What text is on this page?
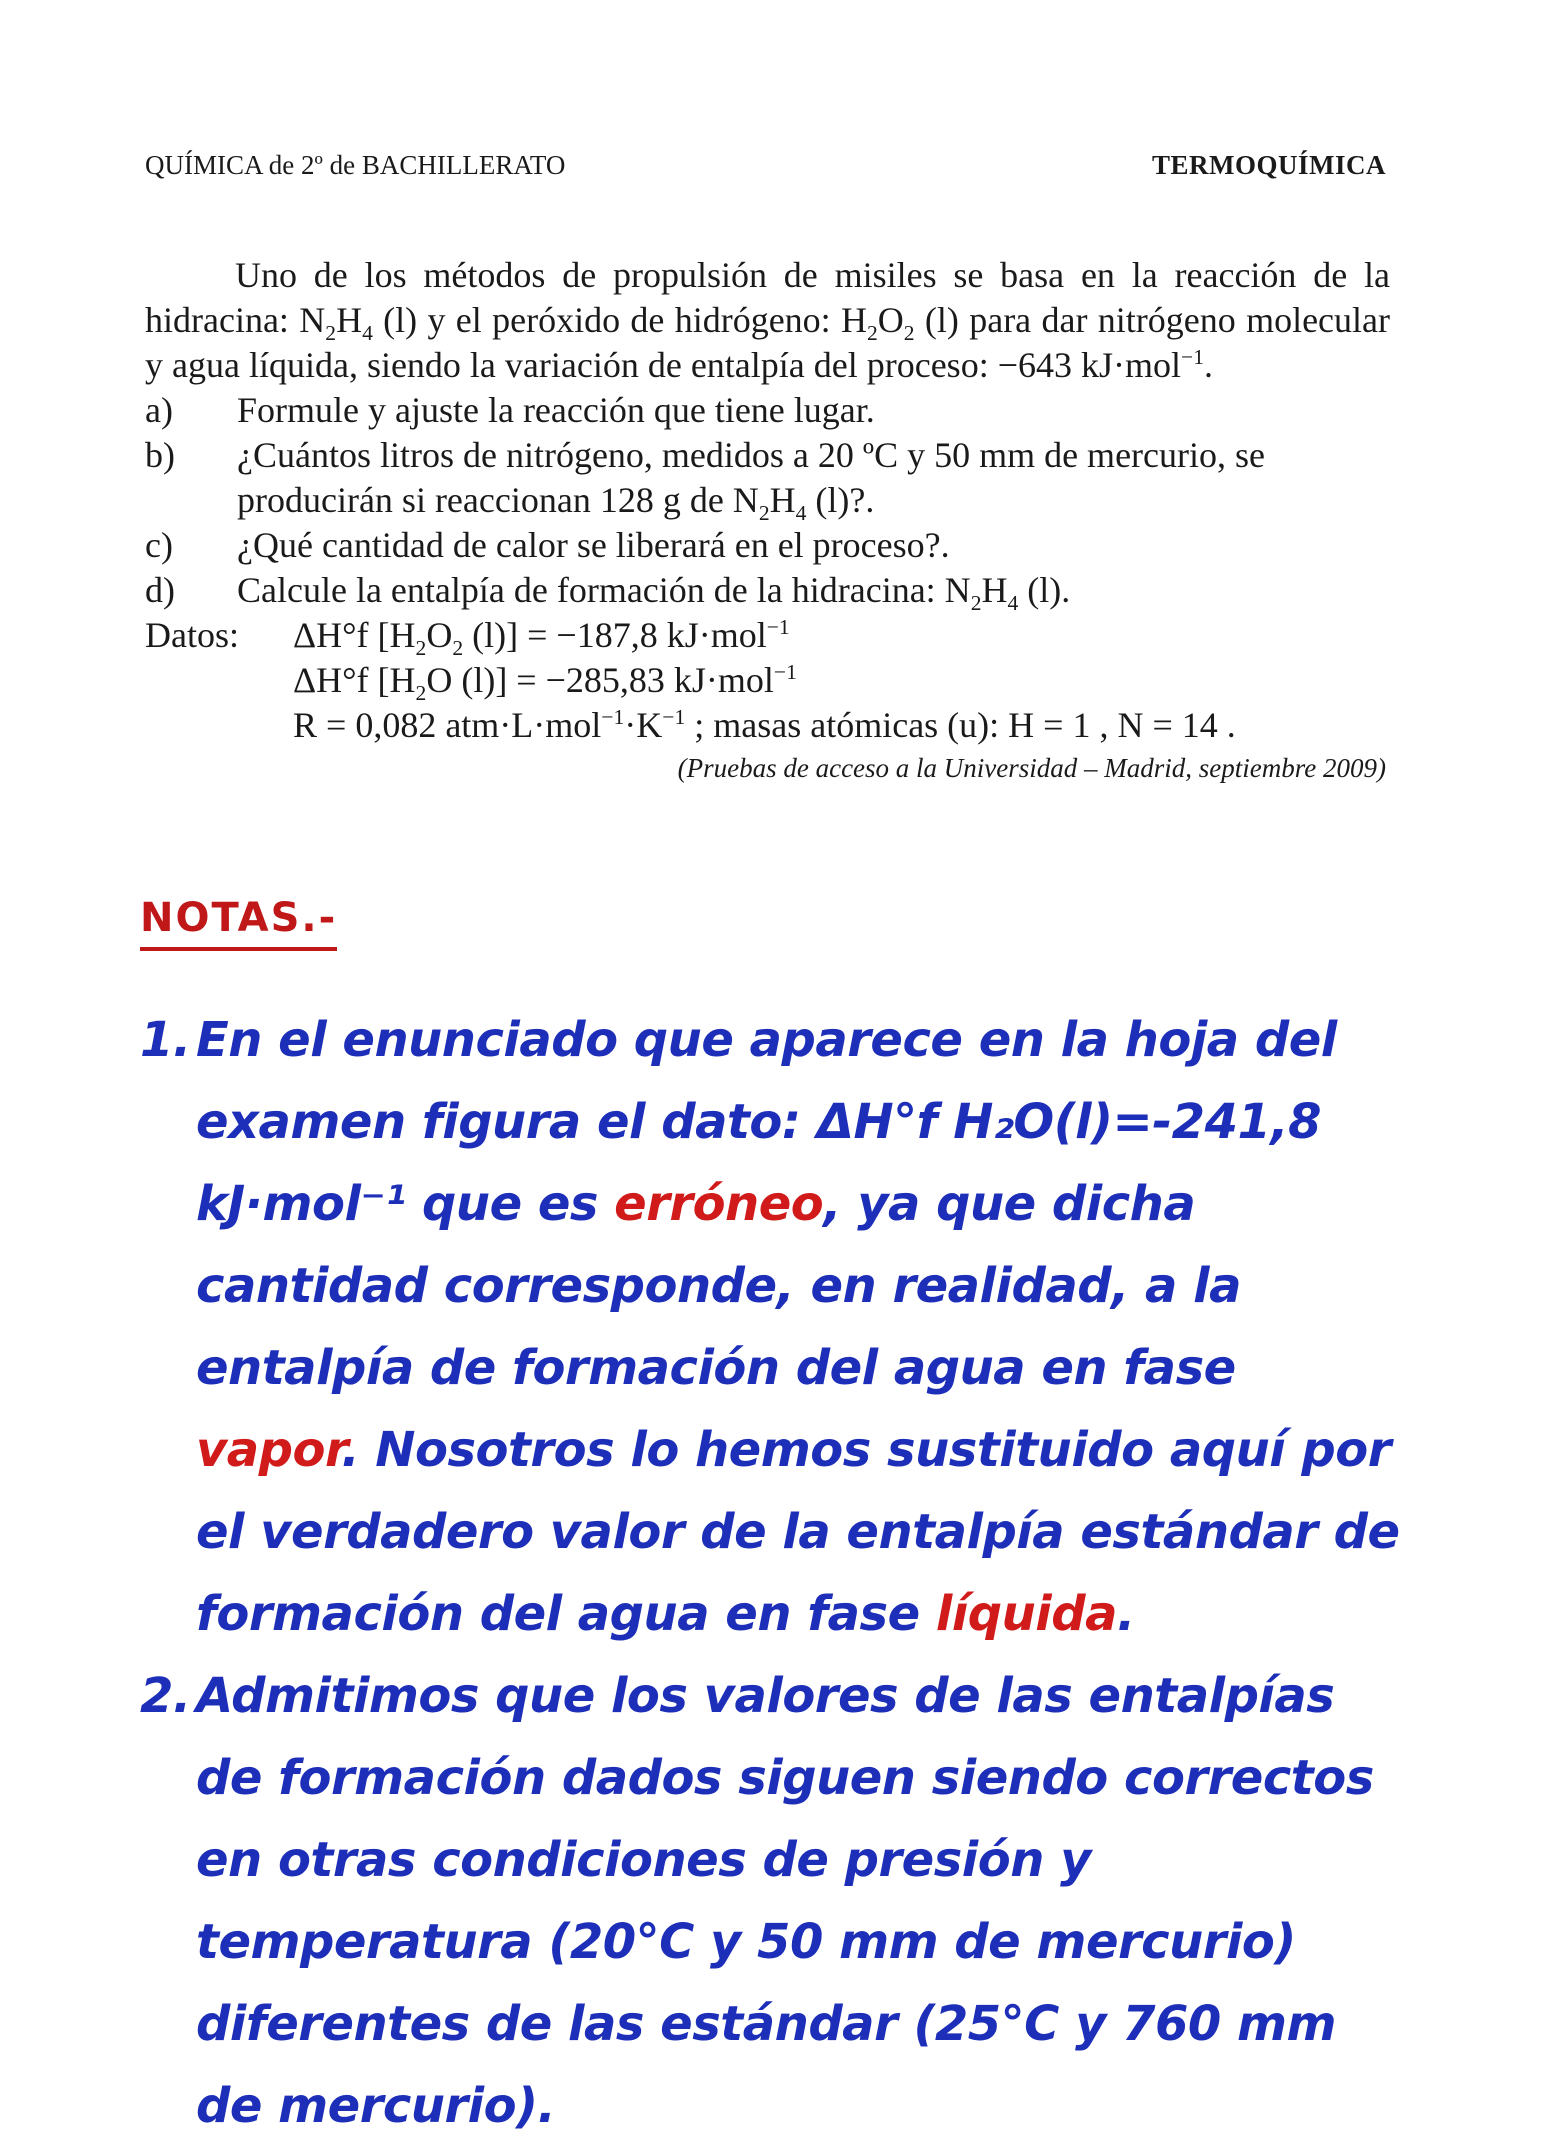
QUÍMICA de 2º de BACHILLERATO	TERMOQUÍMICA

Uno de los métodos de propulsión de misiles se basa en la reacción de la hidracina: $N_2H_4$ (l) y el peróxido de hidrógeno: $H_2O_2$ (l) para dar nitrógeno molecular y agua líquida, siendo la variación de entalpía del proceso: −643 kJ·mol$^{-1}$.

a)	Formule y ajuste la reacción que tiene lugar.
b)	¿Cuántos litros de nitrógeno, medidos a 20 ºC y 50 mm de mercurio, se producirán si reaccionan 128 g de $N_2H_4$ (l)?.
c)	¿Qué cantidad de calor se liberará en el proceso?.
d)	Calcule la entalpía de formación de la hidracina: $N_2H_4$ (l).
Datos:	ΔH°f [$H_2O_2$ (l)] = −187,8 kJ·mol$^{-1}$

ΔH°f [$H_2O$ (l)] = −285,83 kJ·mol$^{-1}$

R = 0,082 $atm\cdot L\cdot mol^{-1}\cdot K^{-1}$ ; masas atómicas (u): H = 1 , N = 14 .

(Pruebas de acceso a la Universidad – Madrid, septiembre 2009)
NOTAS.-
1. En el enunciado que aparece en la hoja del examen figura el dato: ΔH°f H₂O(l)=-241,8 kJ·mol⁻¹ que es erróneo, ya que dicha cantidad corresponde, en realidad, a la entalpía de formación del agua en fase vapor. Nosotros lo hemos sustituido aquí por el verdadero valor de la entalpía estándar de formación del agua en fase líquida.
2. Admitimos que los valores de las entalpías de formación dados siguen siendo correctos en otras condiciones de presión y temperatura (20°C y 50 mm de mercurio) diferentes de las estándar (25°C y 760 mm de mercurio).
